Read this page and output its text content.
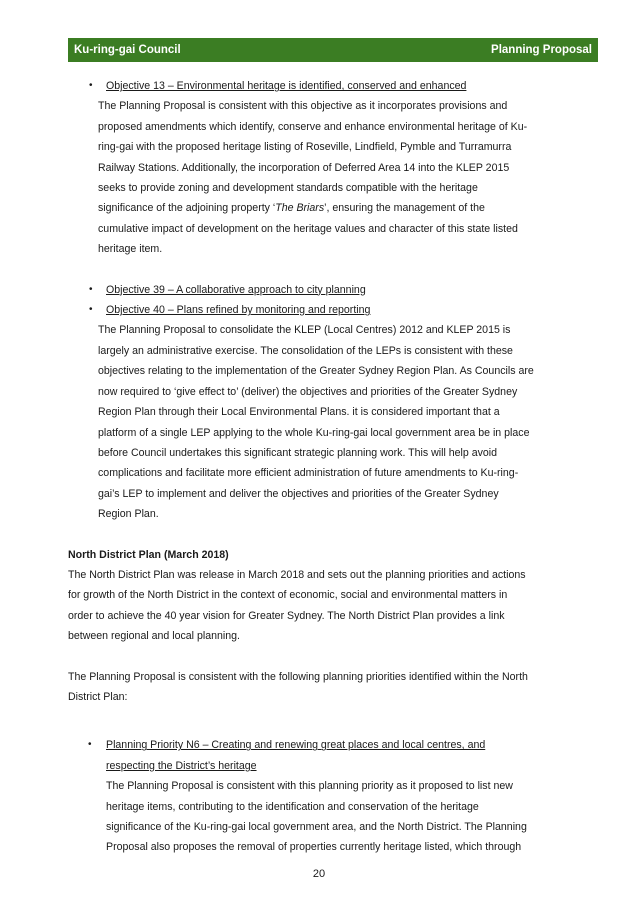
Ku-ring-gai Council	Planning Proposal
•	Objective 13 – Environmental heritage is identified, conserved and enhanced
The Planning Proposal is consistent with this objective as it incorporates provisions and
proposed amendments which identify, conserve and enhance environmental heritage of Ku-
ring-gai with the proposed heritage listing of Roseville, Lindfield, Pymble and Turramurra
Railway Stations. Additionally, the incorporation of Deferred Area 14 into the KLEP 2015
seeks to provide zoning and development standards compatible with the heritage
significance of the adjoining property ‘The Briars’, ensuring the management of the
cumulative impact of development on the heritage values and character of this state listed
heritage item.
•	Objective 39 – A collaborative approach to city planning
•	Objective 40 – Plans refined by monitoring and reporting
The Planning Proposal to consolidate the KLEP (Local Centres) 2012 and KLEP 2015 is
largely an administrative exercise. The consolidation of the LEPs is consistent with these
objectives relating to the implementation of the Greater Sydney Region Plan. As Councils are
now required to ‘give effect to’ (deliver) the objectives and priorities of the Greater Sydney
Region Plan through their Local Environmental Plans. it is considered important that a
platform of a single LEP applying to the whole Ku-ring-gai local government area be in place
before Council undertakes this significant strategic planning work. This will help avoid
complications and facilitate more efficient administration of future amendments to Ku-ring-
gai’s LEP to implement and deliver the objectives and priorities of the Greater Sydney
Region Plan.
North District Plan (March 2018)
The North District Plan was release in March 2018 and sets out the planning priorities and actions
for growth of the North District in the context of economic, social and environmental matters in
order to achieve the 40 year vision for Greater Sydney. The North District Plan provides a link
between regional and local planning.
The Planning Proposal is consistent with the following planning priorities identified within the North
District Plan:
•	Planning Priority N6 – Creating and renewing great places and local centres, and
respecting the District’s heritage
The Planning Proposal is consistent with this planning priority as it proposed to list new
heritage items, contributing to the identification and conservation of the heritage
significance of the Ku-ring-gai local government area, and the North District. The Planning
Proposal also proposes the removal of properties currently heritage listed, which through
20
